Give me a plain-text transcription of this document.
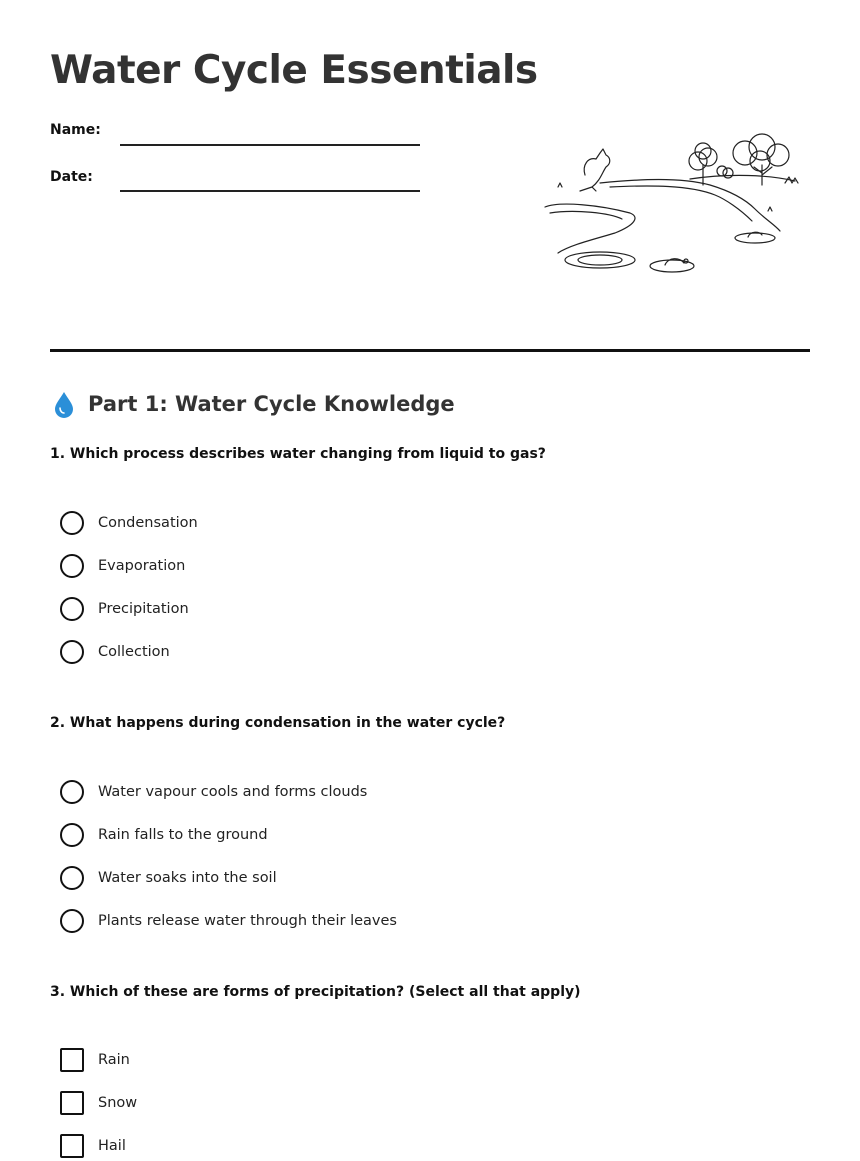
Water Cycle Essentials
Name:
Date:
Part 1: Water Cycle Knowledge
1. Which process describes water changing from liquid to gas?
Condensation
Evaporation
Precipitation
Collection
2. What happens during condensation in the water cycle?
Water vapour cools and forms clouds
Rain falls to the ground
Water soaks into the soil
Plants release water through their leaves
3. Which of these are forms of precipitation? (Select all that apply)
Rain
Snow
Hail
